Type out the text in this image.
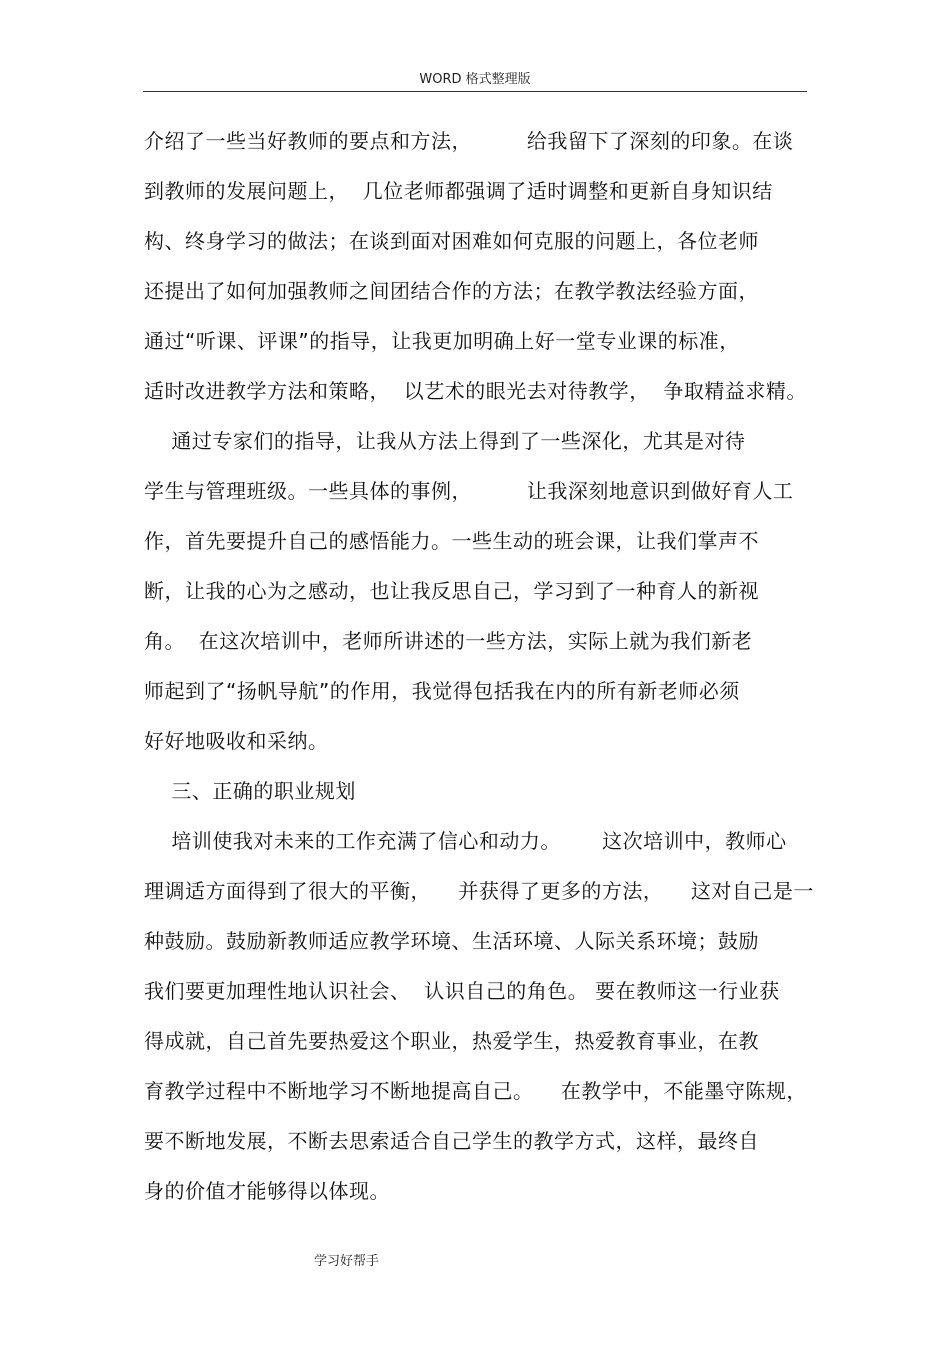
WORD 格式整理版
介绍了一些当好教师的要点和方法，        给我留下了深刻的印象。在谈
到教师的发展问题上，  几位老师都强调了适时调整和更新自身知识结
构、终身学习的做法；在谈到面对困难如何克服的问题上，各位老师
还提出了如何加强教师之间团结合作的方法；在教学教法经验方面，
通过“听课、评课”的指导，让我更加明确上好一堂专业课的标准，
适时改进教学方法和策略，  以艺术的眼光去对待教学，  争取精益求精。
通过专家们的指导，让我从方法上得到了一些深化，尤其是对待
学生与管理班级。一些具体的事例，        让我深刻地意识到做好育人工
作，首先要提升自己的感悟能力。一些生动的班会课，让我们掌声不
断，让我的心为之感动，也让我反思自己，学习到了一种育人的新视
角。  在这次培训中，老师所讲述的一些方法，实际上就为我们新老
师起到了“扬帆导航”的作用，我觉得包括我在内的所有新老师必须
好好地吸收和采纳。
三、正确的职业规划
培训使我对未来的工作充满了信心和动力。      这次培训中，教师心
理调适方面得到了很大的平衡，    并获得了更多的方法，    这对自己是一
种鼓励。鼓励新教师适应教学环境、生活环境、人际关系环境；鼓励
我们要更加理性地认识社会、  认识自己的角色。 要在教师这一行业获
得成就，自己首先要热爱这个职业，热爱学生，热爱教育事业，在教
育教学过程中不断地学习不断地提高自己。    在教学中，不能墨守陈规，
要不断地发展，不断去思索适合自己学生的教学方式，这样，最终自
身的价值才能够得以体现。
学习好帮手
